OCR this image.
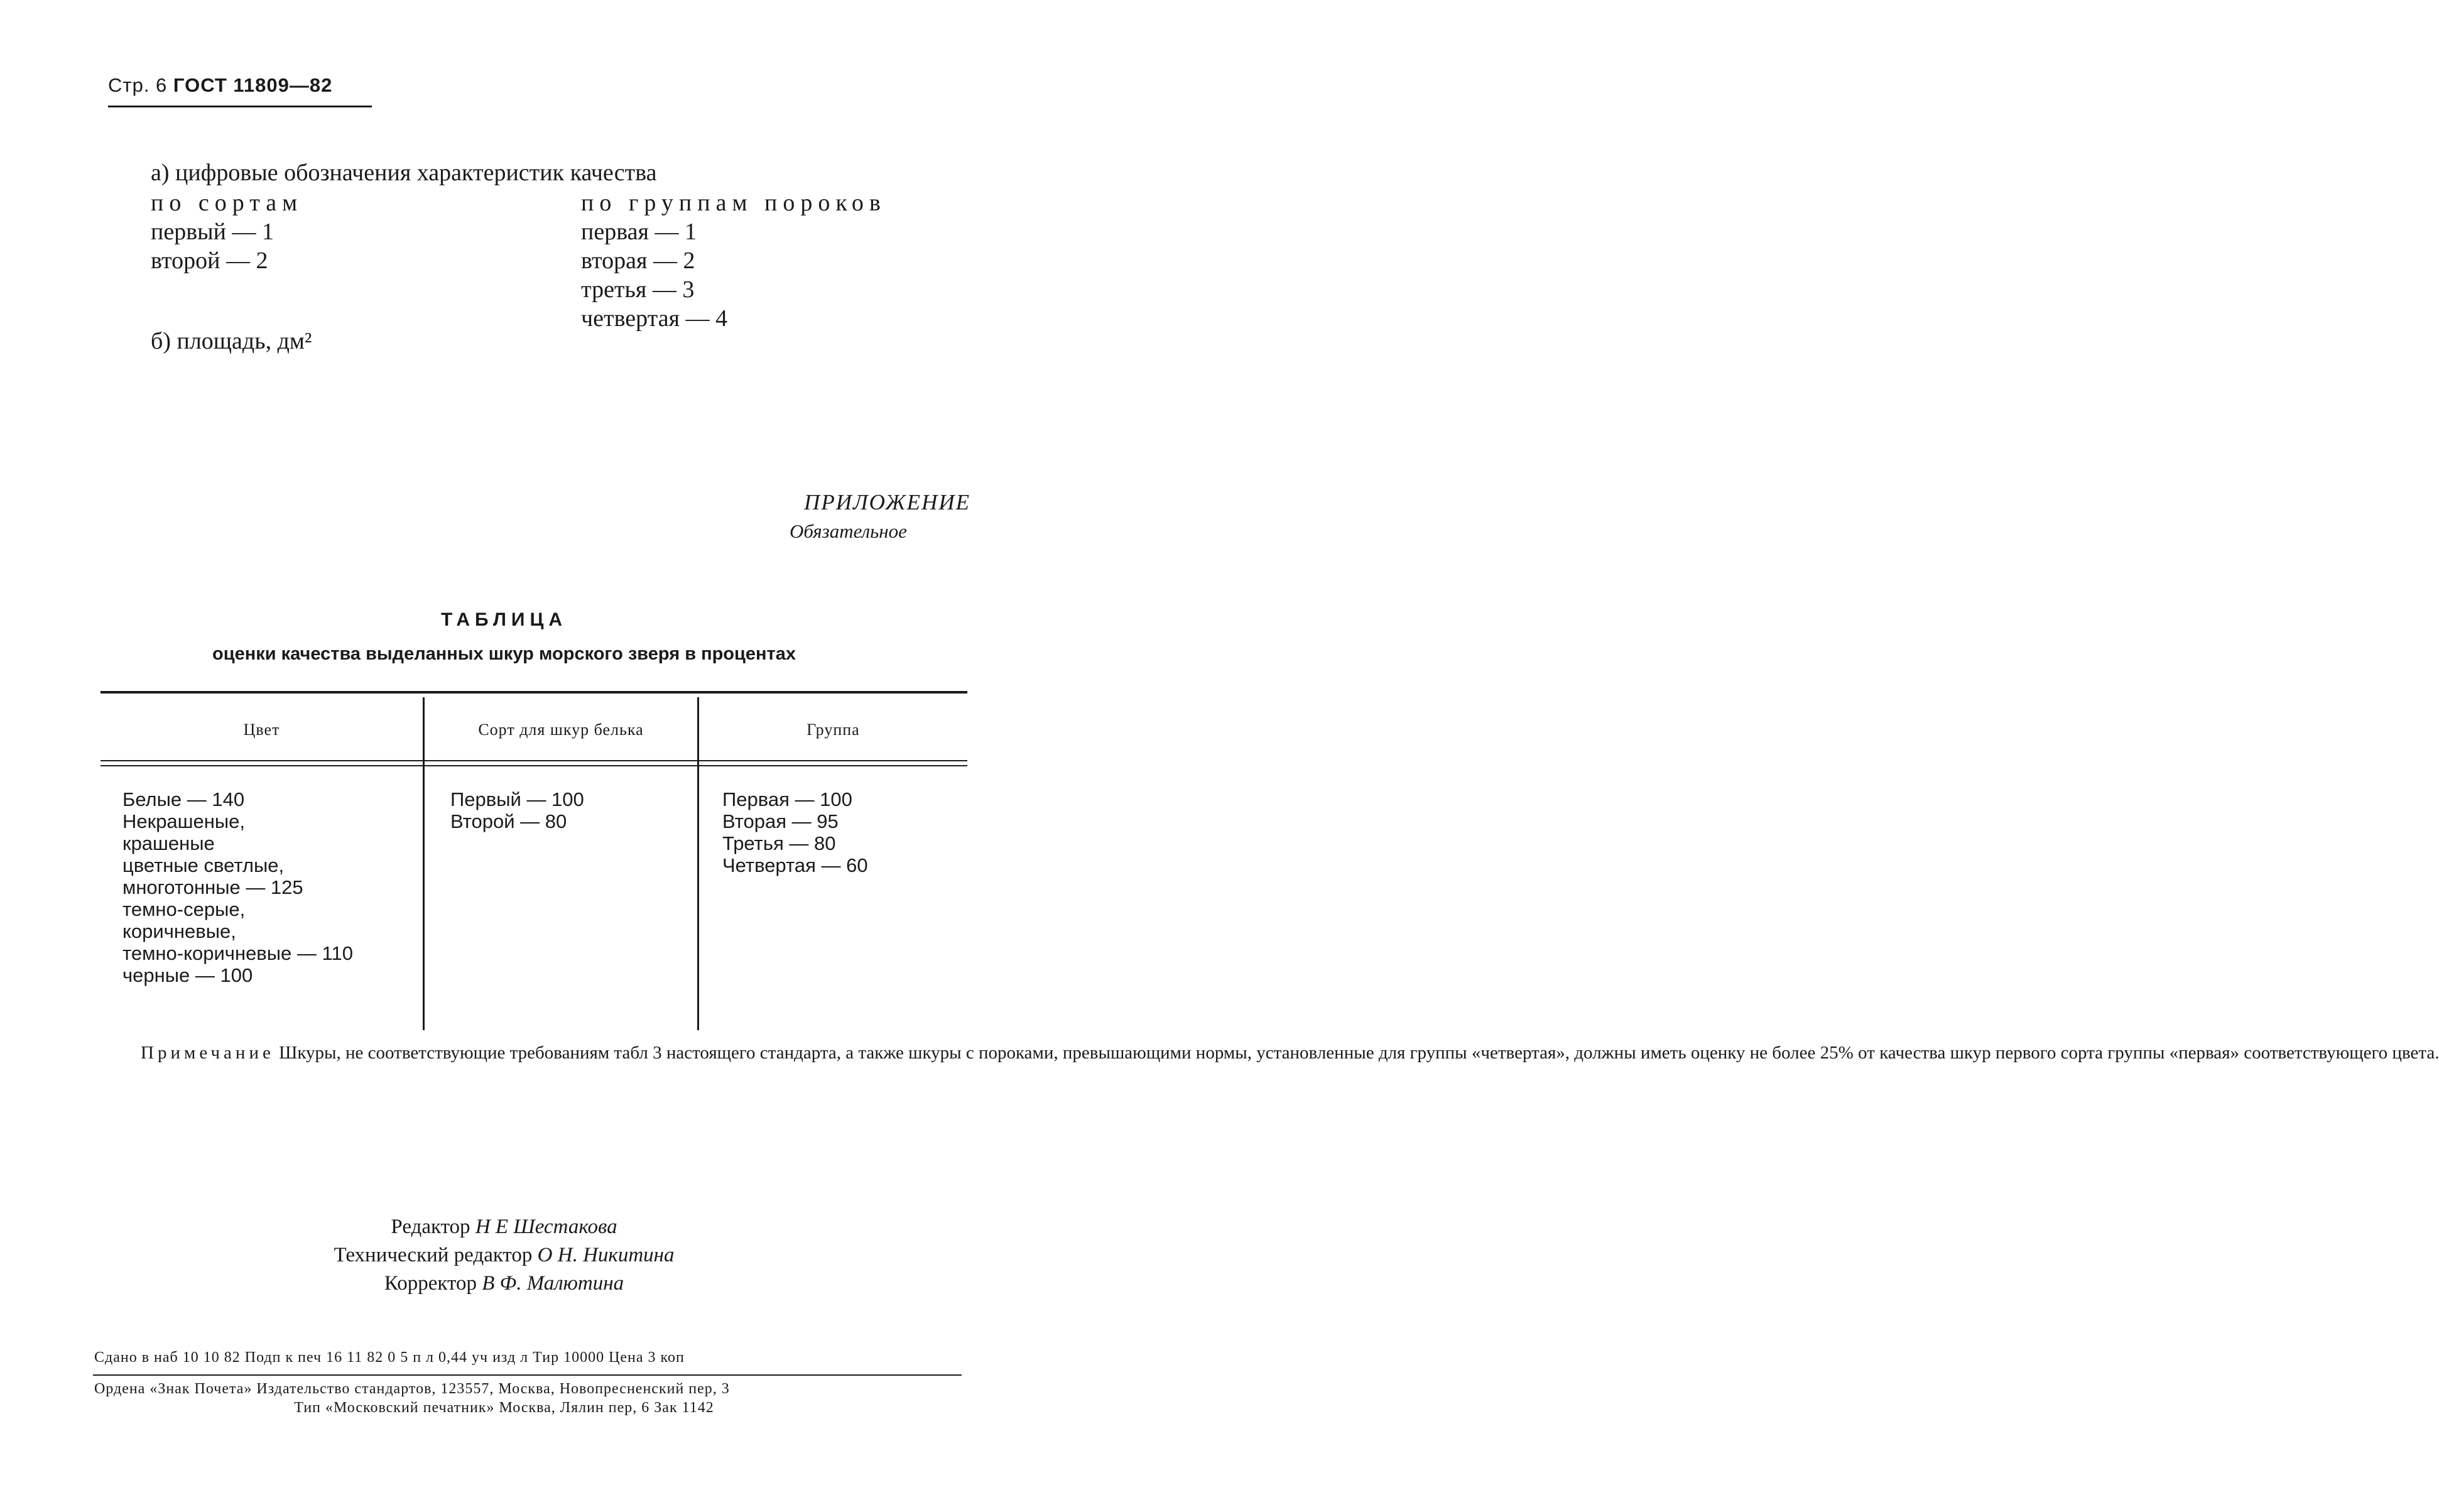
Стр. 6 ГОСТ 11809—82
а) цифровые обозначения характеристик качества
по сортам
первый — 1
второй — 2
по группам пороков
первая — 1
вторая — 2
третья — 3
четвертая — 4
б) площадь, дм²
ПРИЛОЖЕНИЕ
Обязательное
ТАБЛИЦА
оценки качества выделанных шкур морского зверя в процентах
Цвет	Сорт для шкур белька	Группа
Белые — 140
Некрашеные,
крашеные
цветные светлые,
многотонные — 125
темно-серые,
коричневые,
темно-коричневые — 110
черные — 100
Первый — 100
Второй — 80
Первая — 100
Вторая — 95
Третья — 80
Четвертая — 60

Примечание Шкуры, не соответствующие требованиям табл 3 настоящего стандарта, а также шкуры с пороками, превышающими нормы, установленные для группы «четвертая», должны иметь оценку не более 25% от качества шкур первого сорта группы «первая» соответствующего цвета.

Редактор Н Е Шестакова
Технический редактор О Н. Никитина
Корректор В Ф. Малютина
Сдано в наб 10 10 82 Подп к печ 16 11 82 0 5 п л 0,44 уч изд л Тир 10000 Цена 3 коп
Ордена «Знак Почета» Издательство стандартов, 123557, Москва, Новопресненский пер, 3
Тип «Московский печатник» Москва, Лялин пер, 6 Зак 1142
